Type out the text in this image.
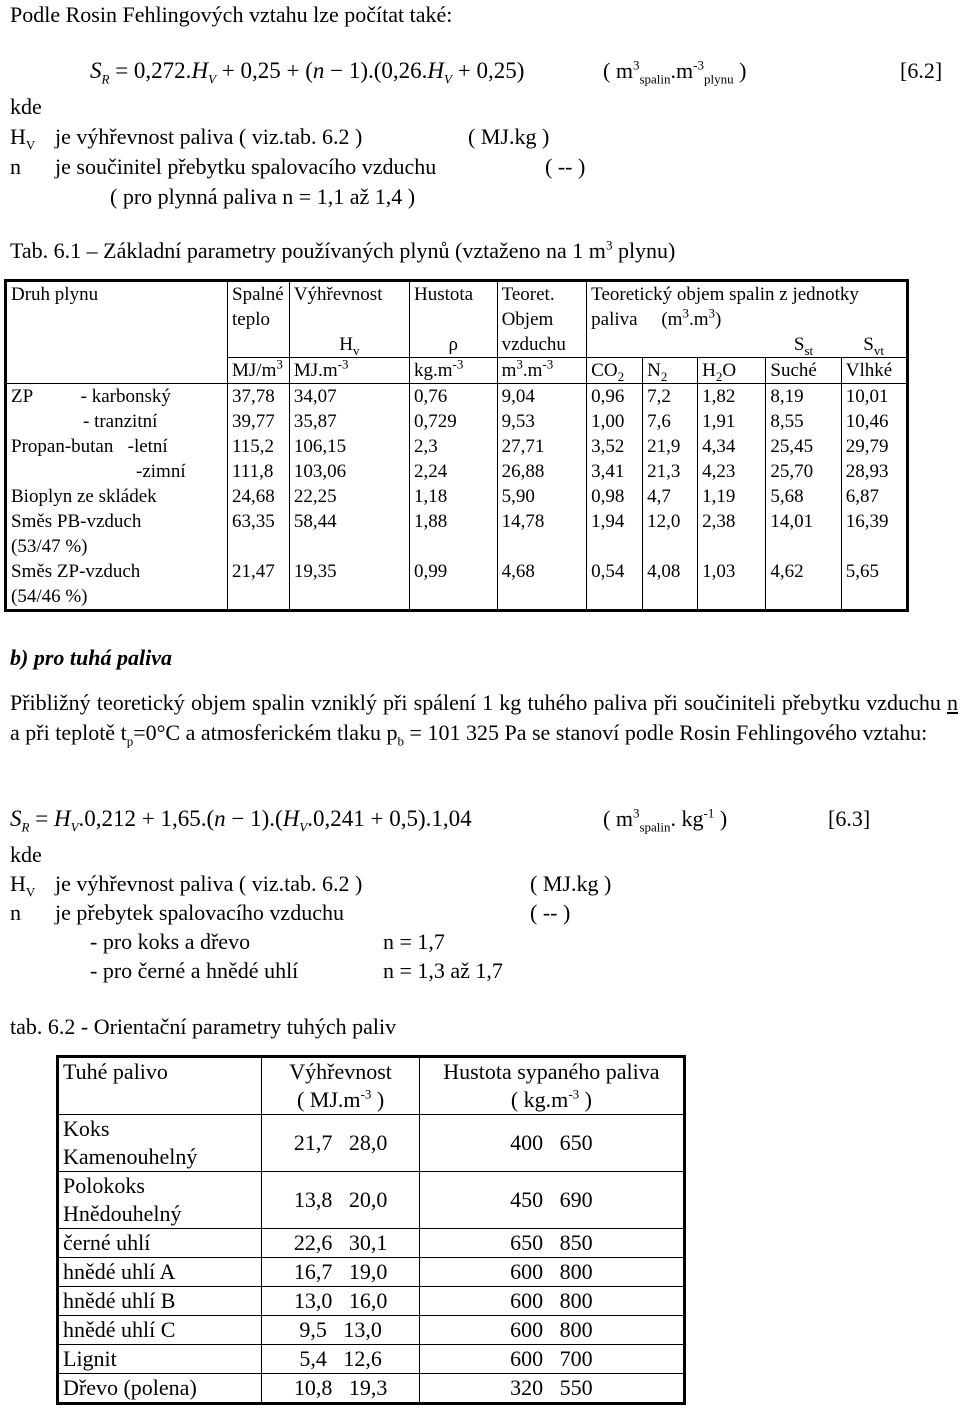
Podle Rosin Fehlingových vztahu lze počítat také:
$S_R = 0,272.H_V + 0,25 + (n - 1).(0,26.H_V + 0,25)$	( $m^3_{spalin}.m^{-3}_{plynu}$ )	[6.2]
kde
$H_V$ je výhřevnost paliva ( viz.tab. 6.2 )	( MJ.kg )
n je součinitel přebytku spalovacího vzduchu	( -- )
( pro plynná paliva n = 1,1 až 1,4 )
Tab. 6.1 – Základní parametry používaných plynů (vztaženo na 1 $m^3$ plynu)
Druh plynu	Spalné	Výhřevnost	Hustota	Teoret.	Teoretický objem spalin z jednotky				
	teplo			Objem	paliva     $(m^3.m^3)$				
		$H_v$	ρ	vzduchu				$S_{st}$	$S_{vt}$
	$MJ/m^3$	$MJ.m^{-3}$	$kg.m^{-3}$	$m^3.m^{-3}$	$CO_2$	$N_2$	$H_2O$	Suché	Vlhké
ZP          - karbonský	37,78	34,07	0,76	9,04	0,96	7,2	1,82	8,19	10,01
- tranzitní	39,77	35,87	0,729	9,53	1,00	7,6	1,91	8,55	10,46
Propan-butan   -letní	115,2	106,15	2,3	27,71	3,52	21,9	4,34	25,45	29,79
-zimní	111,8	103,06	2,24	26,88	3,41	21,3	4,23	25,70	28,93
Bioplyn ze skládek	24,68	22,25	1,18	5,90	0,98	4,7	1,19	5,68	6,87
Směs PB-vzduch
(53/47 %)	63,35	58,44	1,88	14,78	1,94	12,0	2,38	14,01	16,39
Směs ZP-vzduch
(54/46 %)	21,47	19,35	0,99	4,68	0,54	4,08	1,03	4,62	5,65
b) pro tuhá paliva
Přibližný teoretický objem spalin vzniklý při spálení 1 kg tuhého paliva při součiniteli přebytku vzduchu n a při teplotě $t_p=0^\circ C$ a atmosferickém tlaku $p_b = 101$ 325 Pa se stanoví podle Rosin Fehlingového vztahu:
$S_R = H_V.0,212 + 1,65.(n - 1).(H_V.0,241 + 0,5).1,04$	( $m^3_{spalin}$. $kg^{-1}$ )	[6.3]
kde
$H_V$ je výhřevnost paliva ( viz.tab. 6.2 )	( MJ.kg )
n je přebytek spalovacího vzduchu	( -- )
- pro koks a dřevo	n = 1,7
- pro černé a hnědé uhlí	n = 1,3 až 1,7
tab. 6.2 - Orientační parametry tuhých paliv
Tuhé palivo	Výhřevnost	Hustota sypaného paliva
	( $MJ.m^{-3}$ )	( $kg.m^{-3}$ )
Koks
Kamenouhelný	21,7   28,0	400   650
Polokoks
Hnědouhelný	13,8   20,0	450   690
černé uhlí	22,6   30,1	650   850
hnědé uhlí A	16,7   19,0	600   800
hnědé uhlí B	13,0   16,0	600   800
hnědé uhlí C	9,5   13,0	600   800
Lignit	5,4   12,6	600   700
Dřevo (polena)	10,8   19,3	320   550
